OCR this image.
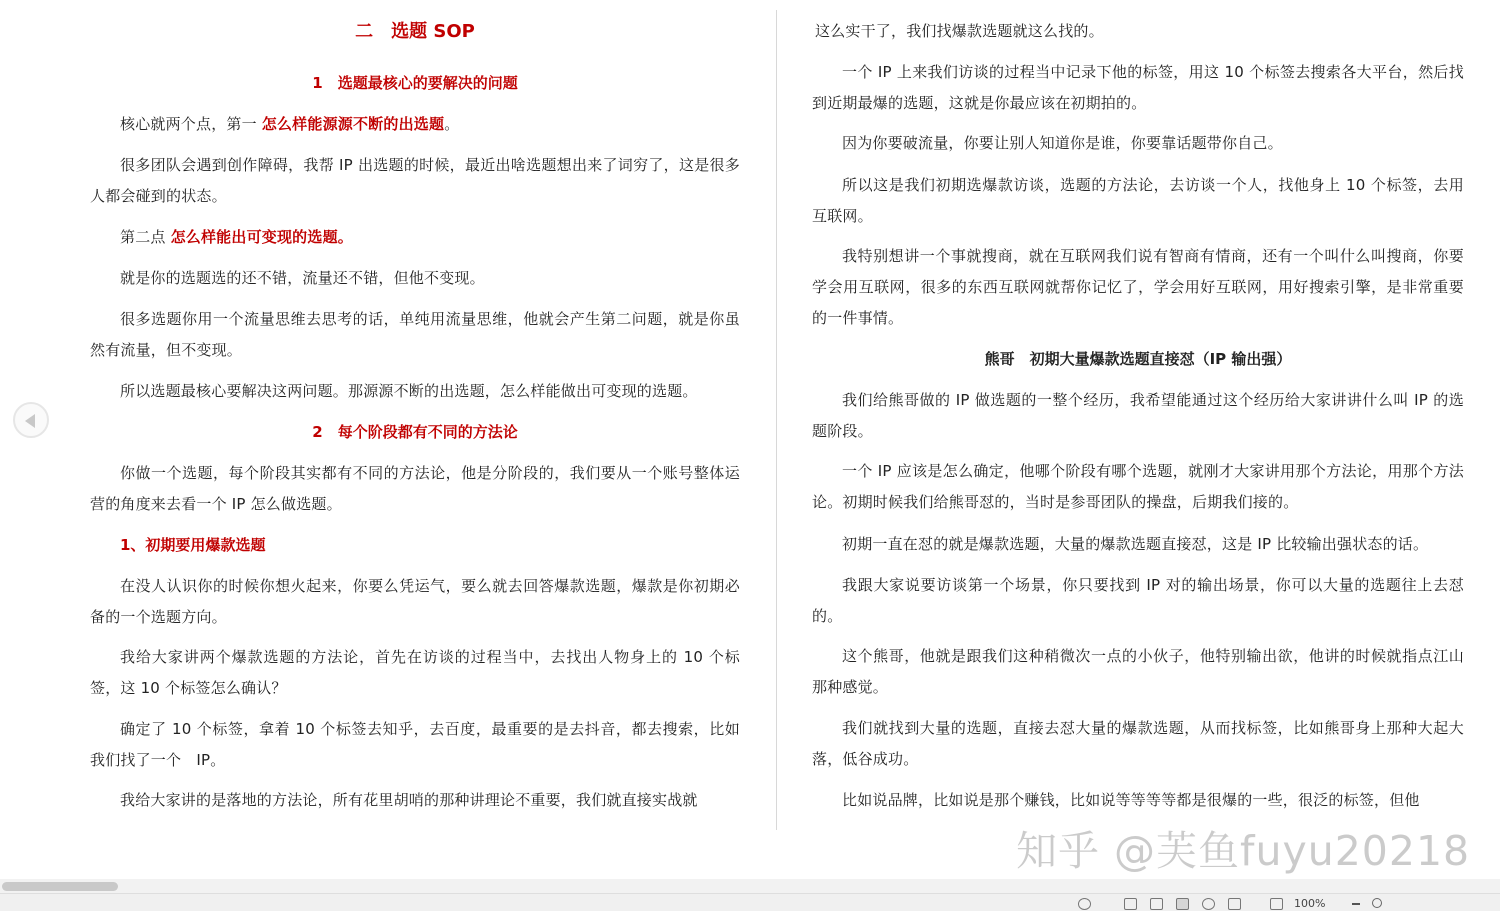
二　选题 SOP
1　选题最核心的要解决的问题

核心就两个点，第一 怎么样能源源不断的出选题。

很多团队会遇到创作障碍，我帮 IP 出选题的时候，最近出啥选题想出来了词穷了，这是很多人都会碰到的状态。

第二点 怎么样能出可变现的选题。

就是你的选题选的还不错，流量还不错，但他不变现。

很多选题你用一个流量思维去思考的话，单纯用流量思维，他就会产生第二问题，就是你虽然有流量，但不变现。

所以选题最核心要解决这两问题。那源源不断的出选题，怎么样能做出可变现的选题。

2　每个阶段都有不同的方法论

你做一个选题，每个阶段其实都有不同的方法论，他是分阶段的，我们要从一个账号整体运营的角度来去看一个 IP 怎么做选题。

1、初期要用爆款选题

在没人认识你的时候你想火起来，你要么凭运气，要么就去回答爆款选题，爆款是你初期必备的一个选题方向。

我给大家讲两个爆款选题的方法论，首先在访谈的过程当中，去找出人物身上的 10 个标签，这 10 个标签怎么确认？

确定了 10 个标签，拿着 10 个标签去知乎，去百度，最重要的是去抖音，都去搜索，比如我们找了一个　IP。

我给大家讲的是落地的方法论，所有花里胡哨的那种讲理论不重要，我们就直接实战就

这么实干了，我们找爆款选题就这么找的。

一个 IP 上来我们访谈的过程当中记录下他的标签，用这 10 个标签去搜索各大平台，然后找到近期最爆的选题，这就是你最应该在初期拍的。

因为你要破流量，你要让别人知道你是谁，你要靠话题带你自己。

所以这是我们初期选爆款访谈，选题的方法论，去访谈一个人，找他身上 10 个标签，去用互联网。

我特别想讲一个事就搜商，就在互联网我们说有智商有情商，还有一个叫什么叫搜商，你要学会用互联网，很多的东西互联网就帮你记忆了，学会用好互联网，用好搜索引擎，是非常重要的一件事情。

熊哥　初期大量爆款选题直接怼（IP 输出强）

我们给熊哥做的 IP 做选题的一整个经历，我希望能通过这个经历给大家讲讲什么叫 IP 的选题阶段。

一个 IP 应该是怎么确定，他哪个阶段有哪个选题，就刚才大家讲用那个方法论，用那个方法论。初期时候我们给熊哥怼的，当时是参哥团队的操盘，后期我们接的。

初期一直在怼的就是爆款选题，大量的爆款选题直接怼，这是 IP 比较输出强状态的话。

我跟大家说要访谈第一个场景，你只要找到 IP 对的输出场景，你可以大量的选题往上去怼的。

这个熊哥，他就是跟我们这种稍微次一点的小伙子，他特别输出欲，他讲的时候就指点江山那种感觉。

我们就找到大量的选题，直接去怼大量的爆款选题，从而找标签，比如熊哥身上那种大起大落，低谷成功。

比如说品牌，比如说是那个赚钱，比如说等等等等都是很爆的一些，很泛的标签，但他

知乎 @芙鱼fuyu20218
100%
